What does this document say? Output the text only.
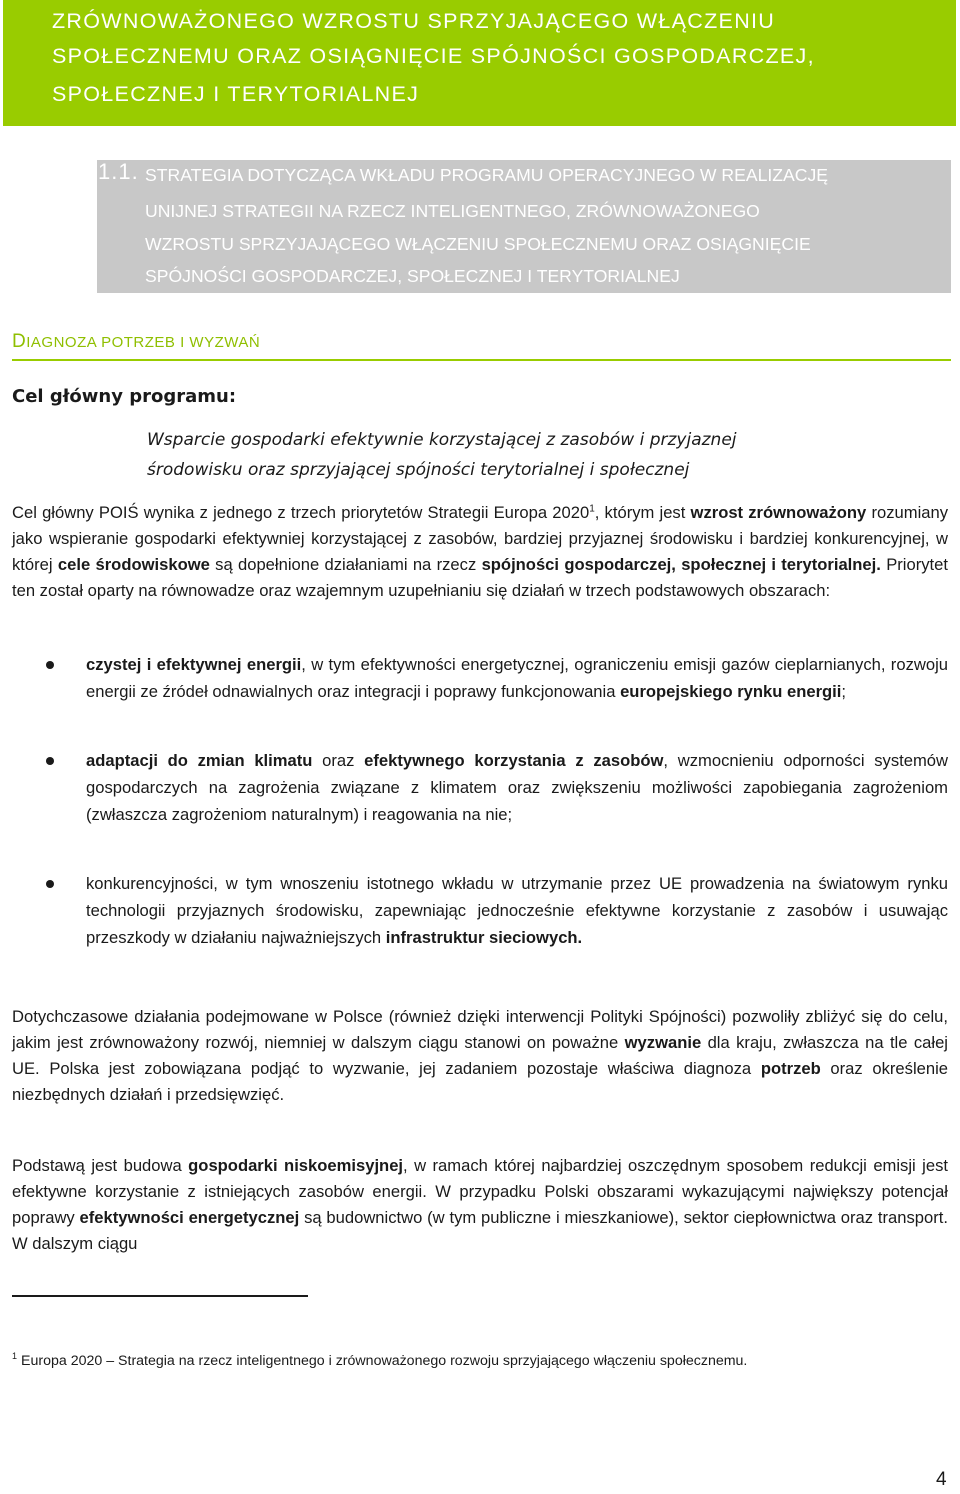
ZRÓWNOWAŻONEGO WZROSTU SPRZYJAJĄCEGO WŁĄCZENIU
SPOŁECZNEMU ORAZ OSIĄGNIĘCIE SPÓJNOŚCI GOSPODARCZEJ,
SPOŁECZNEJ I TERYTORIALNEJ
STRATEGIA DOTYCZĄCA WKŁADU PROGRAMU OPERACYJNEGO W REALIZACJĘ
UNIJNEJ STRATEGII NA RZECZ INTELIGENTNEGO, ZRÓWNOWAŻONEGO
WZROSTU SPRZYJAJĄCEGO WŁĄCZENIU SPOŁECZNEMU ORAZ OSIĄGNIĘCIE
SPÓJNOŚCI GOSPODARCZEJ, SPOŁECZNEJ I TERYTORIALNEJ
1.1.
DIAGNOZA POTRZEB I WYZWAŃ
Cel główny programu:
Wsparcie gospodarki efektywnie korzystającej z zasobów i przyjaznej
środowisku oraz sprzyjającej spójności terytorialnej i społecznej
Cel główny POIŚ wynika z jednego z trzech priorytetów Strategii Europa 2020$^1$, którym jest wzrost zrównoważony rozumiany jako wspieranie gospodarki efektywniej korzystającej z zasobów, bardziej przyjaznej środowisku i bardziej konkurencyjnej, w której cele środowiskowe są dopełnione działaniami na rzecz spójności gospodarczej, społecznej i terytorialnej. Priorytet ten został oparty na równowadze oraz wzajemnym uzupełnianiu się działań w trzech podstawowych obszarach:
czystej i efektywnej energii, w tym efektywności energetycznej, ograniczeniu emisji gazów cieplarnianych, rozwoju energii ze źródeł odnawialnych oraz integracji i poprawy funkcjonowania europejskiego rynku energii;
adaptacji do zmian klimatu oraz efektywnego korzystania z zasobów, wzmocnieniu odporności systemów gospodarczych na zagrożenia związane z klimatem oraz zwiększeniu możliwości zapobiegania zagrożeniom (zwłaszcza zagrożeniom naturalnym) i reagowania na nie;
konkurencyjności, w tym wnoszeniu istotnego wkładu w utrzymanie przez UE prowadzenia na światowym rynku technologii przyjaznych środowisku, zapewniając jednocześnie efektywne korzystanie z zasobów i usuwając przeszkody w działaniu najważniejszych infrastruktur sieciowych.
Dotychczasowe działania podejmowane w Polsce (również dzięki interwencji Polityki Spójności) pozwoliły zbliżyć się do celu, jakim jest zrównoważony rozwój, niemniej w dalszym ciągu stanowi on poważne wyzwanie dla kraju, zwłaszcza na tle całej UE. Polska jest zobowiązana podjąć to wyzwanie, jej zadaniem pozostaje właściwa diagnoza potrzeb oraz określenie niezbędnych działań i przedsięwzięć.
Podstawą jest budowa gospodarki niskoemisyjnej, w ramach której najbardziej oszczędnym sposobem redukcji emisji jest efektywne korzystanie z istniejących zasobów energii. W przypadku Polski obszarami wykazującymi największy potencjał poprawy efektywności energetycznej są budownictwo (w tym publiczne i mieszkaniowe), sektor ciepłownictwa oraz transport. W dalszym ciągu
$^1$ Europa 2020 – Strategia na rzecz inteligentnego i zrównoważonego rozwoju sprzyjającego włączeniu społecznemu.
4
